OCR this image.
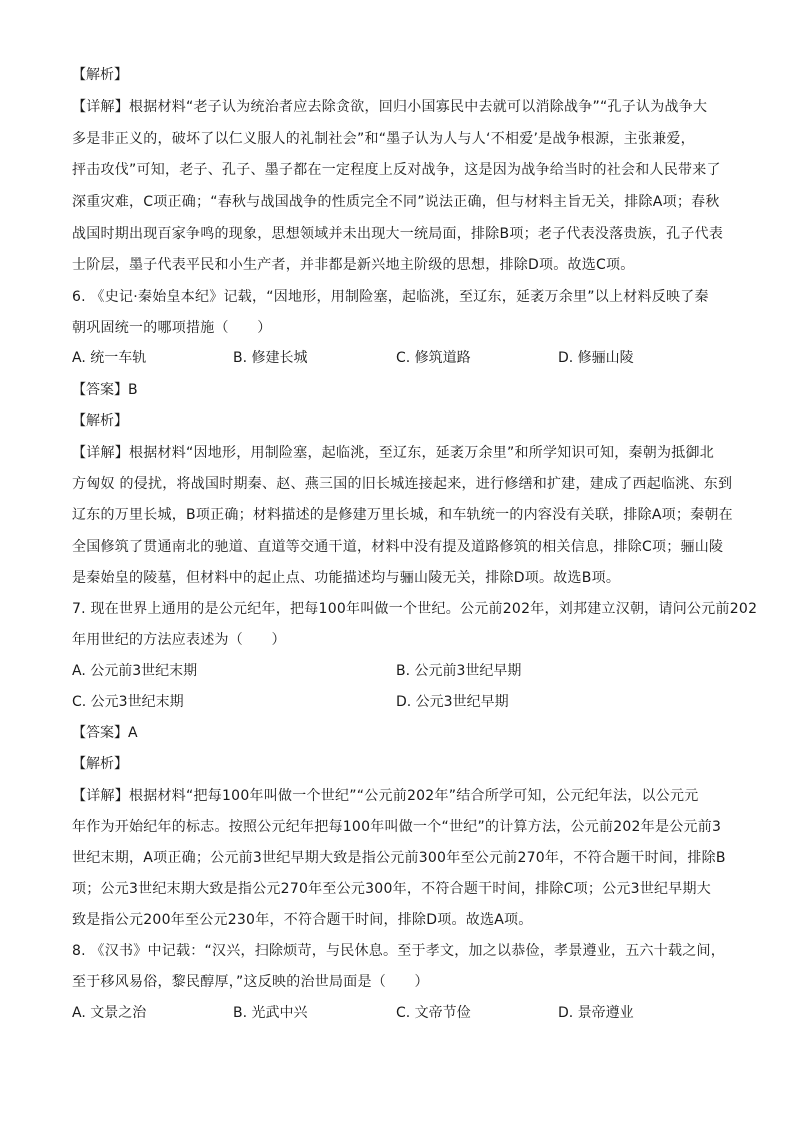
【解析】
【详解】根据材料“老子认为统治者应去除贪欲，回归小国寡民中去就可以消除战争”“孔子认为战争大
多是非正义的，破坏了以仁义服人的礼制社会”和“墨子认为人与人‘不相爱’是战争根源，主张兼爱，
抨击攻伐”可知，老子、孔子、墨子都在一定程度上反对战争，这是因为战争给当时的社会和人民带来了
深重灾难，C项正确；“春秋与战国战争的性质完全不同”说法正确，但与材料主旨无关，排除A项；春秋
战国时期出现百家争鸣的现象，思想领域并未出现大一统局面，排除B项；老子代表没落贵族，孔子代表
士阶层，墨子代表平民和小生产者，并非都是新兴地主阶级的思想，排除D项。故选C项。
6. 《史记·秦始皇本纪》记载，“因地形，用制险塞，起临洮，至辽东，延袤万余里”以上材料反映了秦
朝巩固统一的哪项措施（　　）
A. 统一车轨	B. 修建长城	C. 修筑道路	D. 修骊山陵
【答案】B
【解析】
【详解】根据材料“因地形，用制险塞，起临洮，至辽东，延袤万余里”和所学知识可知，秦朝为抵御北
方匈奴 的侵扰，将战国时期秦、赵、燕三国的旧长城连接起来，进行修缮和扩建，建成了西起临洮、东到
辽东的万里长城，B项正确；材料描述的是修建万里长城，和车轨统一的内容没有关联，排除A项；秦朝在
全国修筑了贯通南北的驰道、直道等交通干道，材料中没有提及道路修筑的相关信息，排除C项；骊山陵
是秦始皇的陵墓，但材料中的起止点、功能描述均与骊山陵无关，排除D项。故选B项。
7. 现在世界上通用的是公元纪年，把每100年叫做一个世纪。公元前202年，刘邦建立汉朝，请问公元前202
年用世纪的方法应表述为（　　）
A. 公元前3世纪末期	B. 公元前3世纪早期
C. 公元3世纪末期	D. 公元3世纪早期
【答案】A
【解析】
【详解】根据材料“把每100年叫做一个世纪”“公元前202年”结合所学可知，公元纪年法，以公元元
年作为开始纪年的标志。按照公元纪年把每100年叫做一个“世纪”的计算方法，公元前202年是公元前3
世纪末期，A项正确；公元前3世纪早期大致是指公元前300年至公元前270年，不符合题干时间，排除B
项；公元3世纪末期大致是指公元270年至公元300年，不符合题干时间，排除C项；公元3世纪早期大
致是指公元200年至公元230年，不符合题干时间，排除D项。故选A项。
8. 《汉书》中记载：“汉兴，扫除烦苛，与民休息。至于孝文，加之以恭俭，孝景遵业，五六十载之间，
至于移风易俗，黎民醇厚，”这反映的治世局面是（　　）
A. 文景之治	B. 光武中兴	C. 文帝节俭	D. 景帝遵业
